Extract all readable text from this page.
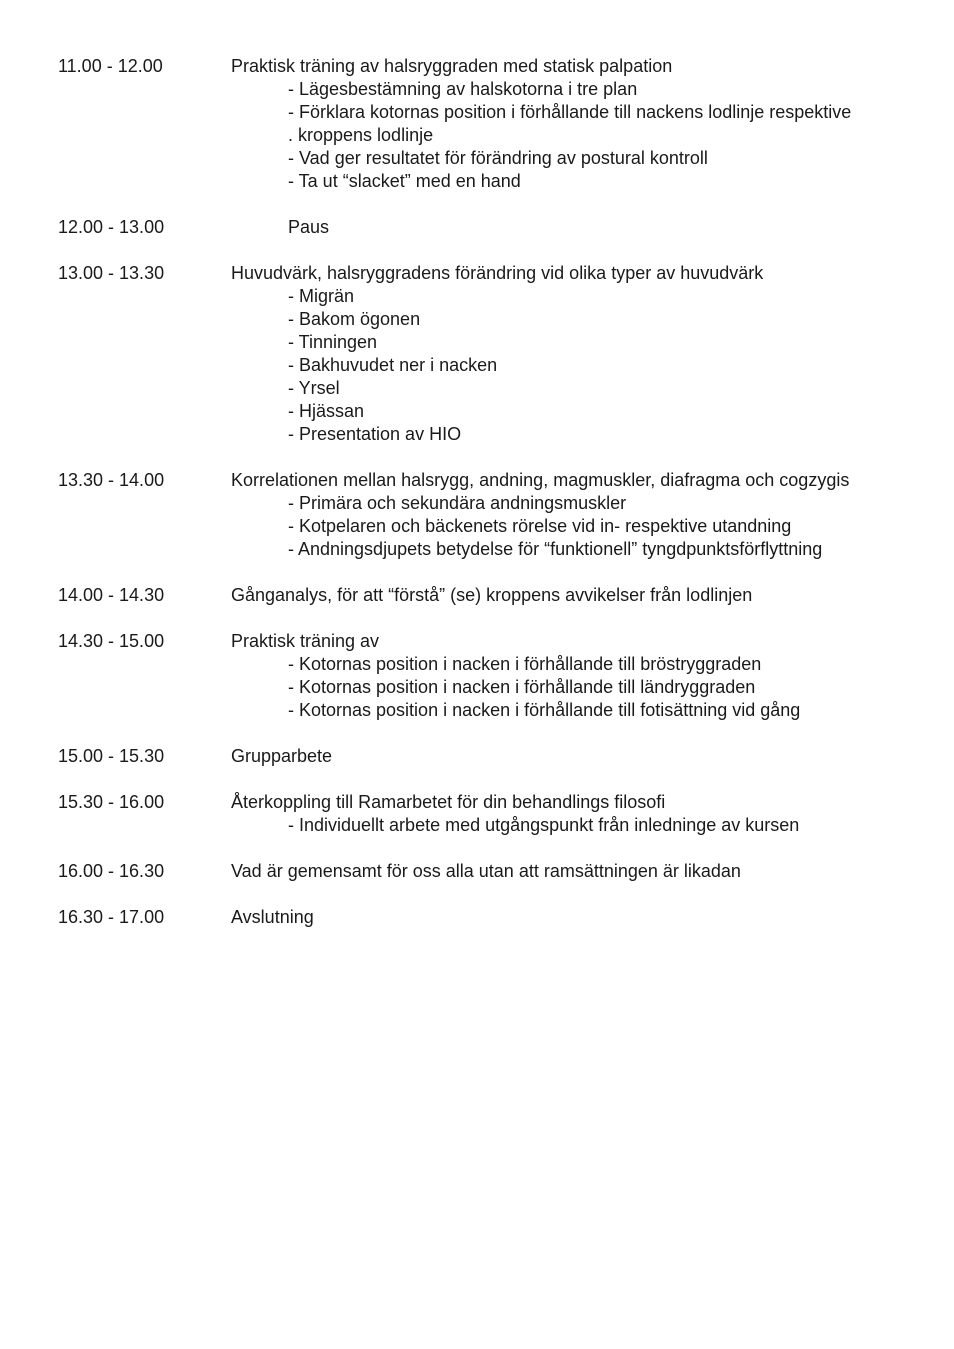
11.00 - 12.00	Praktisk träning av halsryggraden med statisk palpation
- Lägesbestämning av halskotorna i tre plan
- Förklara kotornas position i förhållande till nackens lodlinje respektive
. kroppens lodlinje
- Vad ger resultatet för förändring av postural kontroll
- Ta ut “slacket” med en hand
12.00 - 13.00	Paus
13.00 - 13.30	Huvudvärk, halsryggradens förändring vid olika typer av huvudvärk
- Migrän
- Bakom ögonen
- Tinningen
- Bakhuvudet ner i nacken
- Yrsel
- Hjässan
- Presentation av HIO
13.30 - 14.00	Korrelationen mellan halsrygg, andning, magmuskler, diafragma och cogzygis
- Primära och sekundära andningsmuskler
- Kotpelaren och bäckenets rörelse vid in- respektive utandning
- Andningsdjupets betydelse för “funktionell” tyngdpunktsförflyttning
14.00 - 14.30	Gånganalys, för att “förstå” (se) kroppens avvikelser från lodlinjen
14.30 - 15.00	Praktisk träning av
- Kotornas position i nacken i förhållande till bröstryggraden
- Kotornas position i nacken i förhållande till ländryggraden
- Kotornas position i nacken i förhållande till fotisättning vid gång
15.00 - 15.30	Grupparbete
15.30 - 16.00	Återkoppling till Ramarbetet för din behandlings filosofi
- Individuellt arbete med utgångspunkt från inledninge av kursen
16.00 - 16.30	Vad är gemensamt för oss alla utan att ramsättningen är likadan
16.30 - 17.00	Avslutning
